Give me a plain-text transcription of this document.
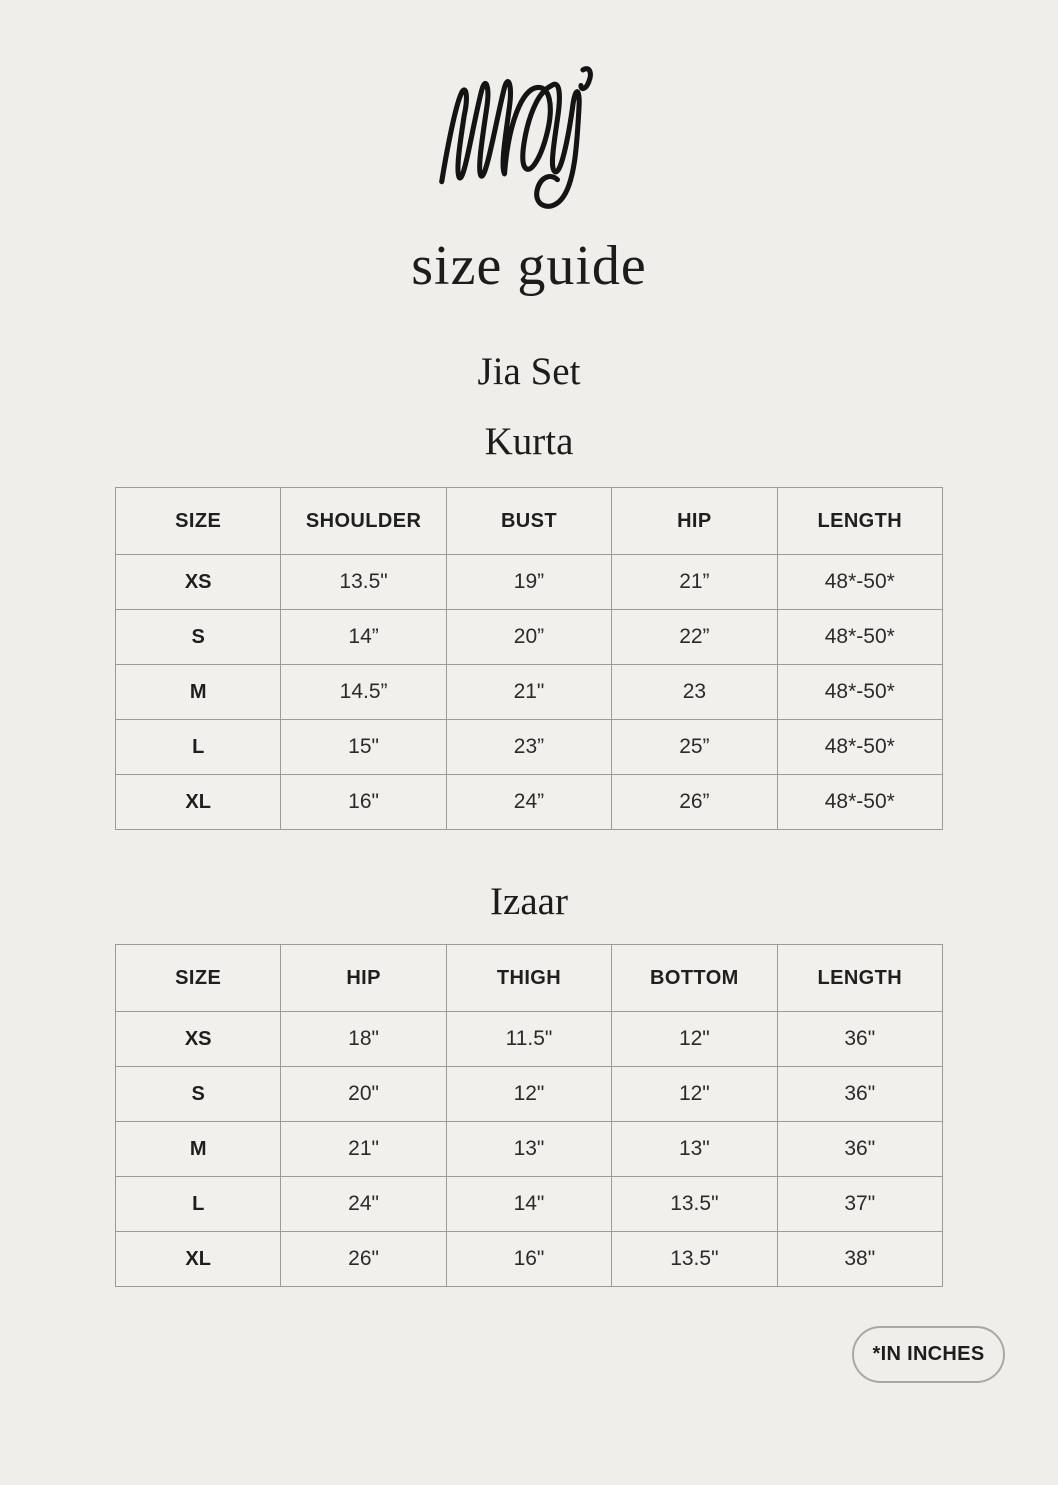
size guide
Jia Set
Kurta
SIZE	SHOULDER	BUST	HIP	LENGTH
XS	13.5"	19”	21”	48*-50*
S	14”	20”	22”	48*-50*
M	14.5”	21"	23	48*-50*
L	15"	23”	25”	48*-50*
XL	16"	24”	26”	48*-50*
Izaar
SIZE	HIP	THIGH	BOTTOM	LENGTH
XS	18"	11.5"	12"	36"
S	20"	12"	12"	36"
M	21"	13"	13"	36"
L	24"	14"	13.5"	37"
XL	26"	16"	13.5"	38"
*IN INCHES
